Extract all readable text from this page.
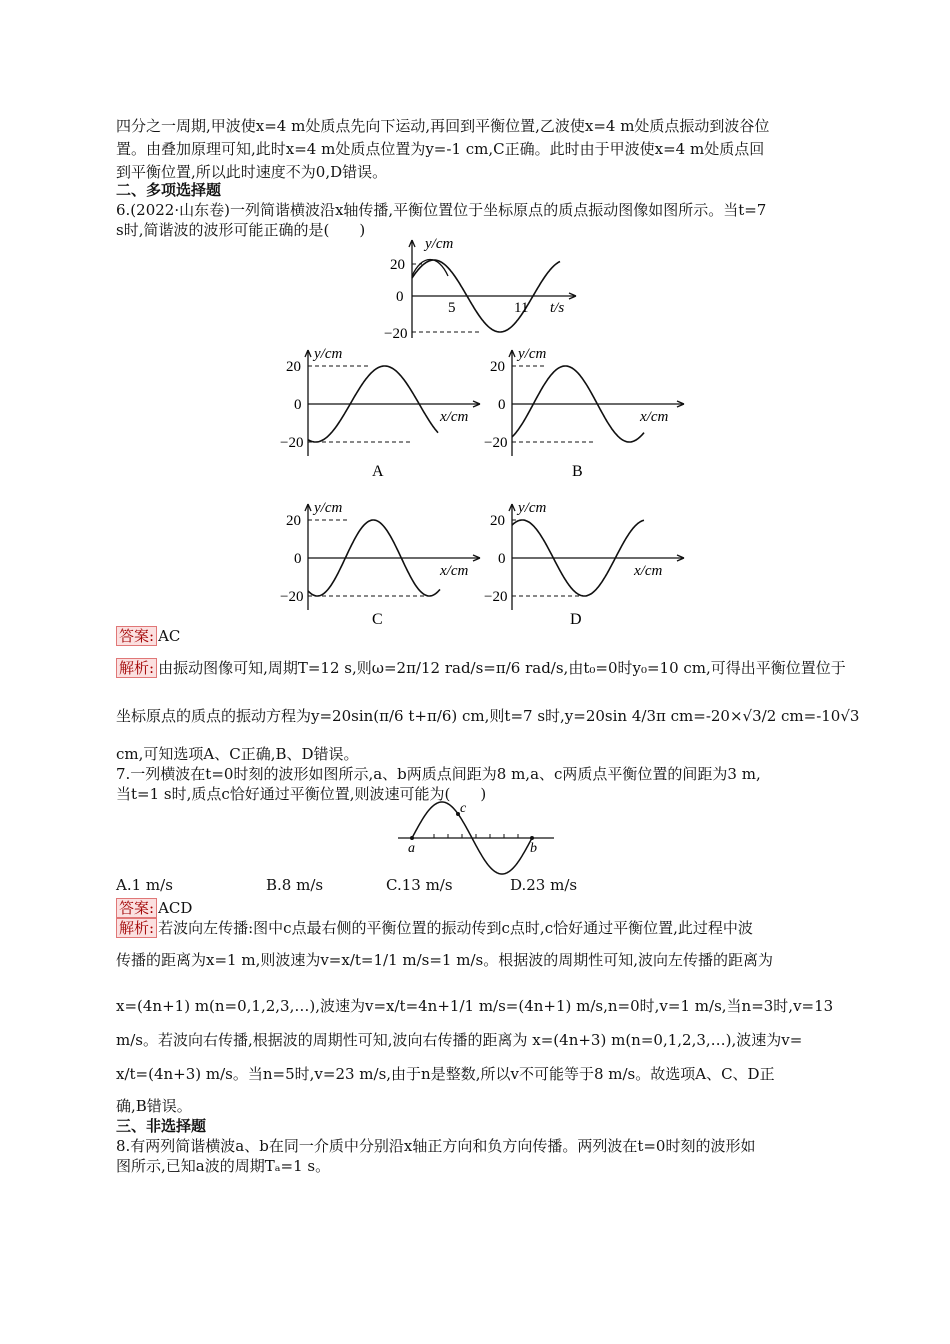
四分之一周期,甲波使x=4 m处质点先向下运动,再回到平衡位置,乙波使x=4 m处质点振动到波谷位
置。由叠加原理可知,此时x=4 m处质点位置为y=-1 cm,C正确。此时由于甲波使x=4 m处质点回
到平衡位置,所以此时速度不为0,D错误。
二、多项选择题
6.(2022·山东卷)一列简谐横波沿x轴传播,平衡位置位于坐标原点的质点振动图像如图所示。当t=7
s时,简谐波的波形可能正确的是(　　)
y/cm
20
0
−20
5	11 t/s
y/cm
20
0
−20
x/cm
A
y/cm
20
0
−20
x/cm
B
y/cm
20
0
−20
x/cm
C
y/cm
20
0
−20
x/cm
D
答案: AC
解析: 由振动图像可知,周期T=12 s,则ω=2π/12 rad/s=π/6 rad/s,由t₀=0时y₀=10 cm,可得出平衡位置位于
坐标原点的质点的振动方程为y=20sin(π/6 t+π/6) cm,则t=7 s时,y=20sin 4/3π cm=-20×√3/2 cm=-10√3
cm,可知选项A、C正确,B、D错误。
7.一列横波在t=0时刻的波形如图所示,a、b两质点间距为8 m,a、c两质点平衡位置的间距为3 m,
当t=1 s时,质点c恰好通过平衡位置,则波速可能为(　　)
a	b
c
A.1 m/s	B.8 m/s	C.13 m/s	D.23 m/s
答案: ACD
解析: 若波向左传播:图中c点最右侧的平衡位置的振动传到c点时,c恰好通过平衡位置,此过程中波
传播的距离为x=1 m,则波速为v=x/t=1/1 m/s=1 m/s。根据波的周期性可知,波向左传播的距离为
x=(4n+1) m(n=0,1,2,3,…),波速为v=x/t=4n+1/1 m/s=(4n+1) m/s,n=0时,v=1 m/s,当n=3时,v=13
m/s。若波向右传播,根据波的周期性可知,波向右传播的距离为 x=(4n+3) m(n=0,1,2,3,…),波速为v=
x/t=(4n+3) m/s。当n=5时,v=23 m/s,由于n是整数,所以v不可能等于8 m/s。故选项A、C、D正
确,B错误。
三、非选择题
8.有两列简谐横波a、b在同一介质中分别沿x轴正方向和负方向传播。两列波在t=0时刻的波形如
图所示,已知a波的周期Tₐ=1 s。
